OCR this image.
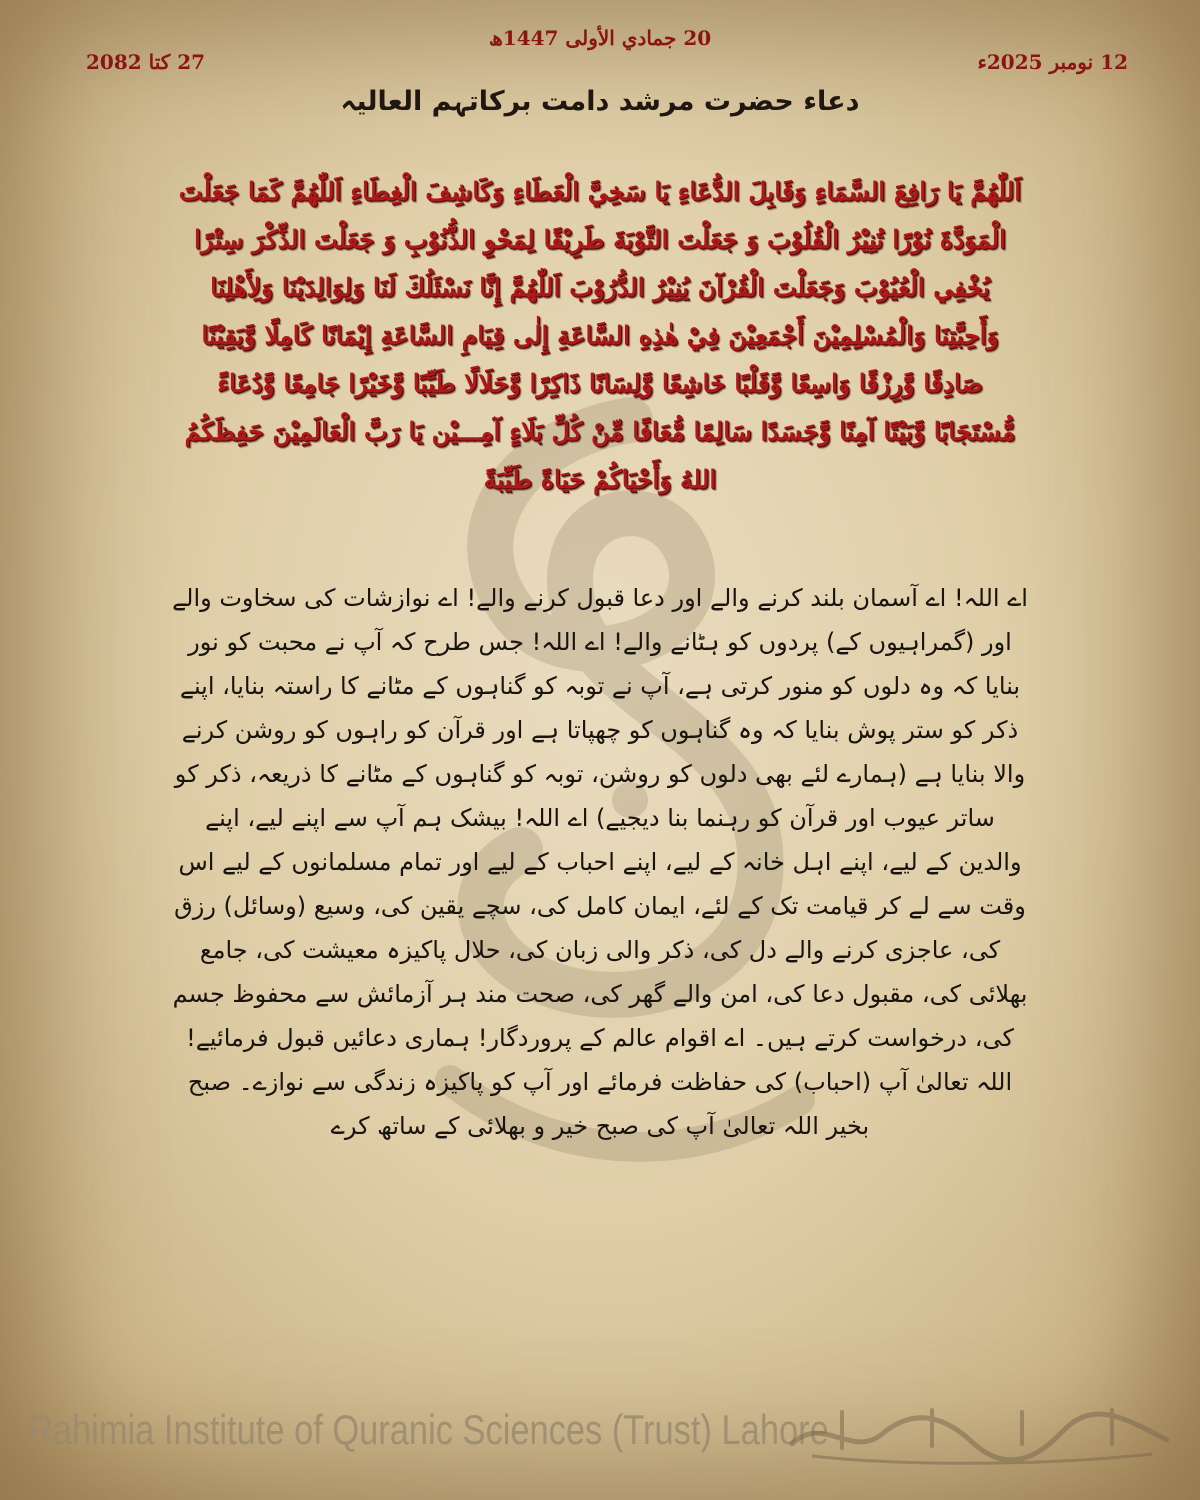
27 کتا 2082
20 جمادي الأولى 1447ھ
12 نومبر 2025ء
دعاء حضرت مرشد دامت برکاتہم العالیہ
اَللّٰهُمَّ يَا رَافِعَ السَّمَاءِ وَقَابِلَ الدُّعَاءِ يَا سَخِيَّ الْعَطَاءِ وَكَاشِفَ الْغِطَاءِ اَللّٰهُمَّ كَمَا جَعَلْتَ الْمَوَدَّةَ نُوْرًا تُنِيْرُ الْقُلُوْبَ وَ جَعَلْتَ التَّوْبَةَ طَرِيْقًا لِمَحْوِ الذُّنُوْبِ وَ جَعَلْتَ الذِّكْرَ سِتْرًا يُخْفِي الْعُيُوْبَ وَجَعَلْتَ الْقُرْآنَ يُنِيْرُ الدُّرُوْبَ اَللّٰهُمَّ إِنَّا نَسْئَلُكَ لَنَا وَلِوَالِدَيْنَا وَلِأَهْلِنَا وَأَحِبَّتِنَا وَالْمُسْلِمِيْنَ أَجْمَعِيْنَ فِيْ هٰذِهِ السَّاعَةِ إِلٰى قِيَامِ السَّاعَةِ إِيْمَانًا كَامِلًا وَّيَقِيْنًا صَادِقًا وَّرِزْقًا وَاسِعًا وَّقَلْبًا خَاشِعًا وَّلِسَانًا ذَاكِرًا وَّحَلَالًا طَيِّبًا وَّخَيْرًا جَامِعًا وَّدُعَاءً مُّسْتَجَابًا وَّبَيْتًا آمِنًا وَّجَسَدًا سَالِمًا مُّعَافًا مِّنْ كُلِّ بَلَاءٍ آمِـــيْن يَا رَبَّ الْعَالَمِيْنَ حَفِظَكُمُ اللهُ وَأَحْيَاكُمْ حَيَاةً طَيِّبَةً
اے اللہ! اے آسمان بلند کرنے والے اور دعا قبول کرنے والے! اے نوازشات کی سخاوت والے اور (گمراہیوں کے) پردوں کو ہٹانے والے! اے اللہ! جس طرح کہ آپ نے محبت کو نور بنایا کہ وہ دلوں کو منور کرتی ہے، آپ نے توبہ کو گناہوں کے مٹانے کا راستہ بنایا، اپنے ذکر کو ستر پوش بنایا کہ وہ گناہوں کو چھپاتا ہے اور قرآن کو راہوں کو روشن کرنے والا بنایا ہے (ہمارے لئے بھی دلوں کو روشن، توبہ کو گناہوں کے مٹانے کا ذریعہ، ذکر کو ساتر عیوب اور قرآن کو رہنما بنا دیجیے) اے اللہ! بیشک ہم آپ سے اپنے لیے، اپنے والدین کے لیے، اپنے اہل خانہ کے لیے، اپنے احباب کے لیے اور تمام مسلمانوں کے لیے اس وقت سے لے کر قیامت تک کے لئے، ایمان کامل کی، سچے یقین کی، وسیع (وسائل) رزق کی، عاجزی کرنے والے دل کی، ذکر والی زبان کی، حلال پاکیزہ معیشت کی، جامع بھلائی کی، مقبول دعا کی، امن والے گھر کی، صحت مند ہر آزمائش سے محفوظ جسم کی، درخواست کرتے ہیں۔ اے اقوام عالم کے پروردگار! ہماری دعائیں قبول فرمائیے! اللہ تعالیٰ آپ (احباب) کی حفاظت فرمائے اور آپ کو پاکیزہ زندگی سے نوازے۔ صبح بخیر اللہ تعالیٰ آپ کی صبح خیر و بھلائی کے ساتھ کرے
Rahimia Institute of Quranic Sciences (Trust) Lahore
